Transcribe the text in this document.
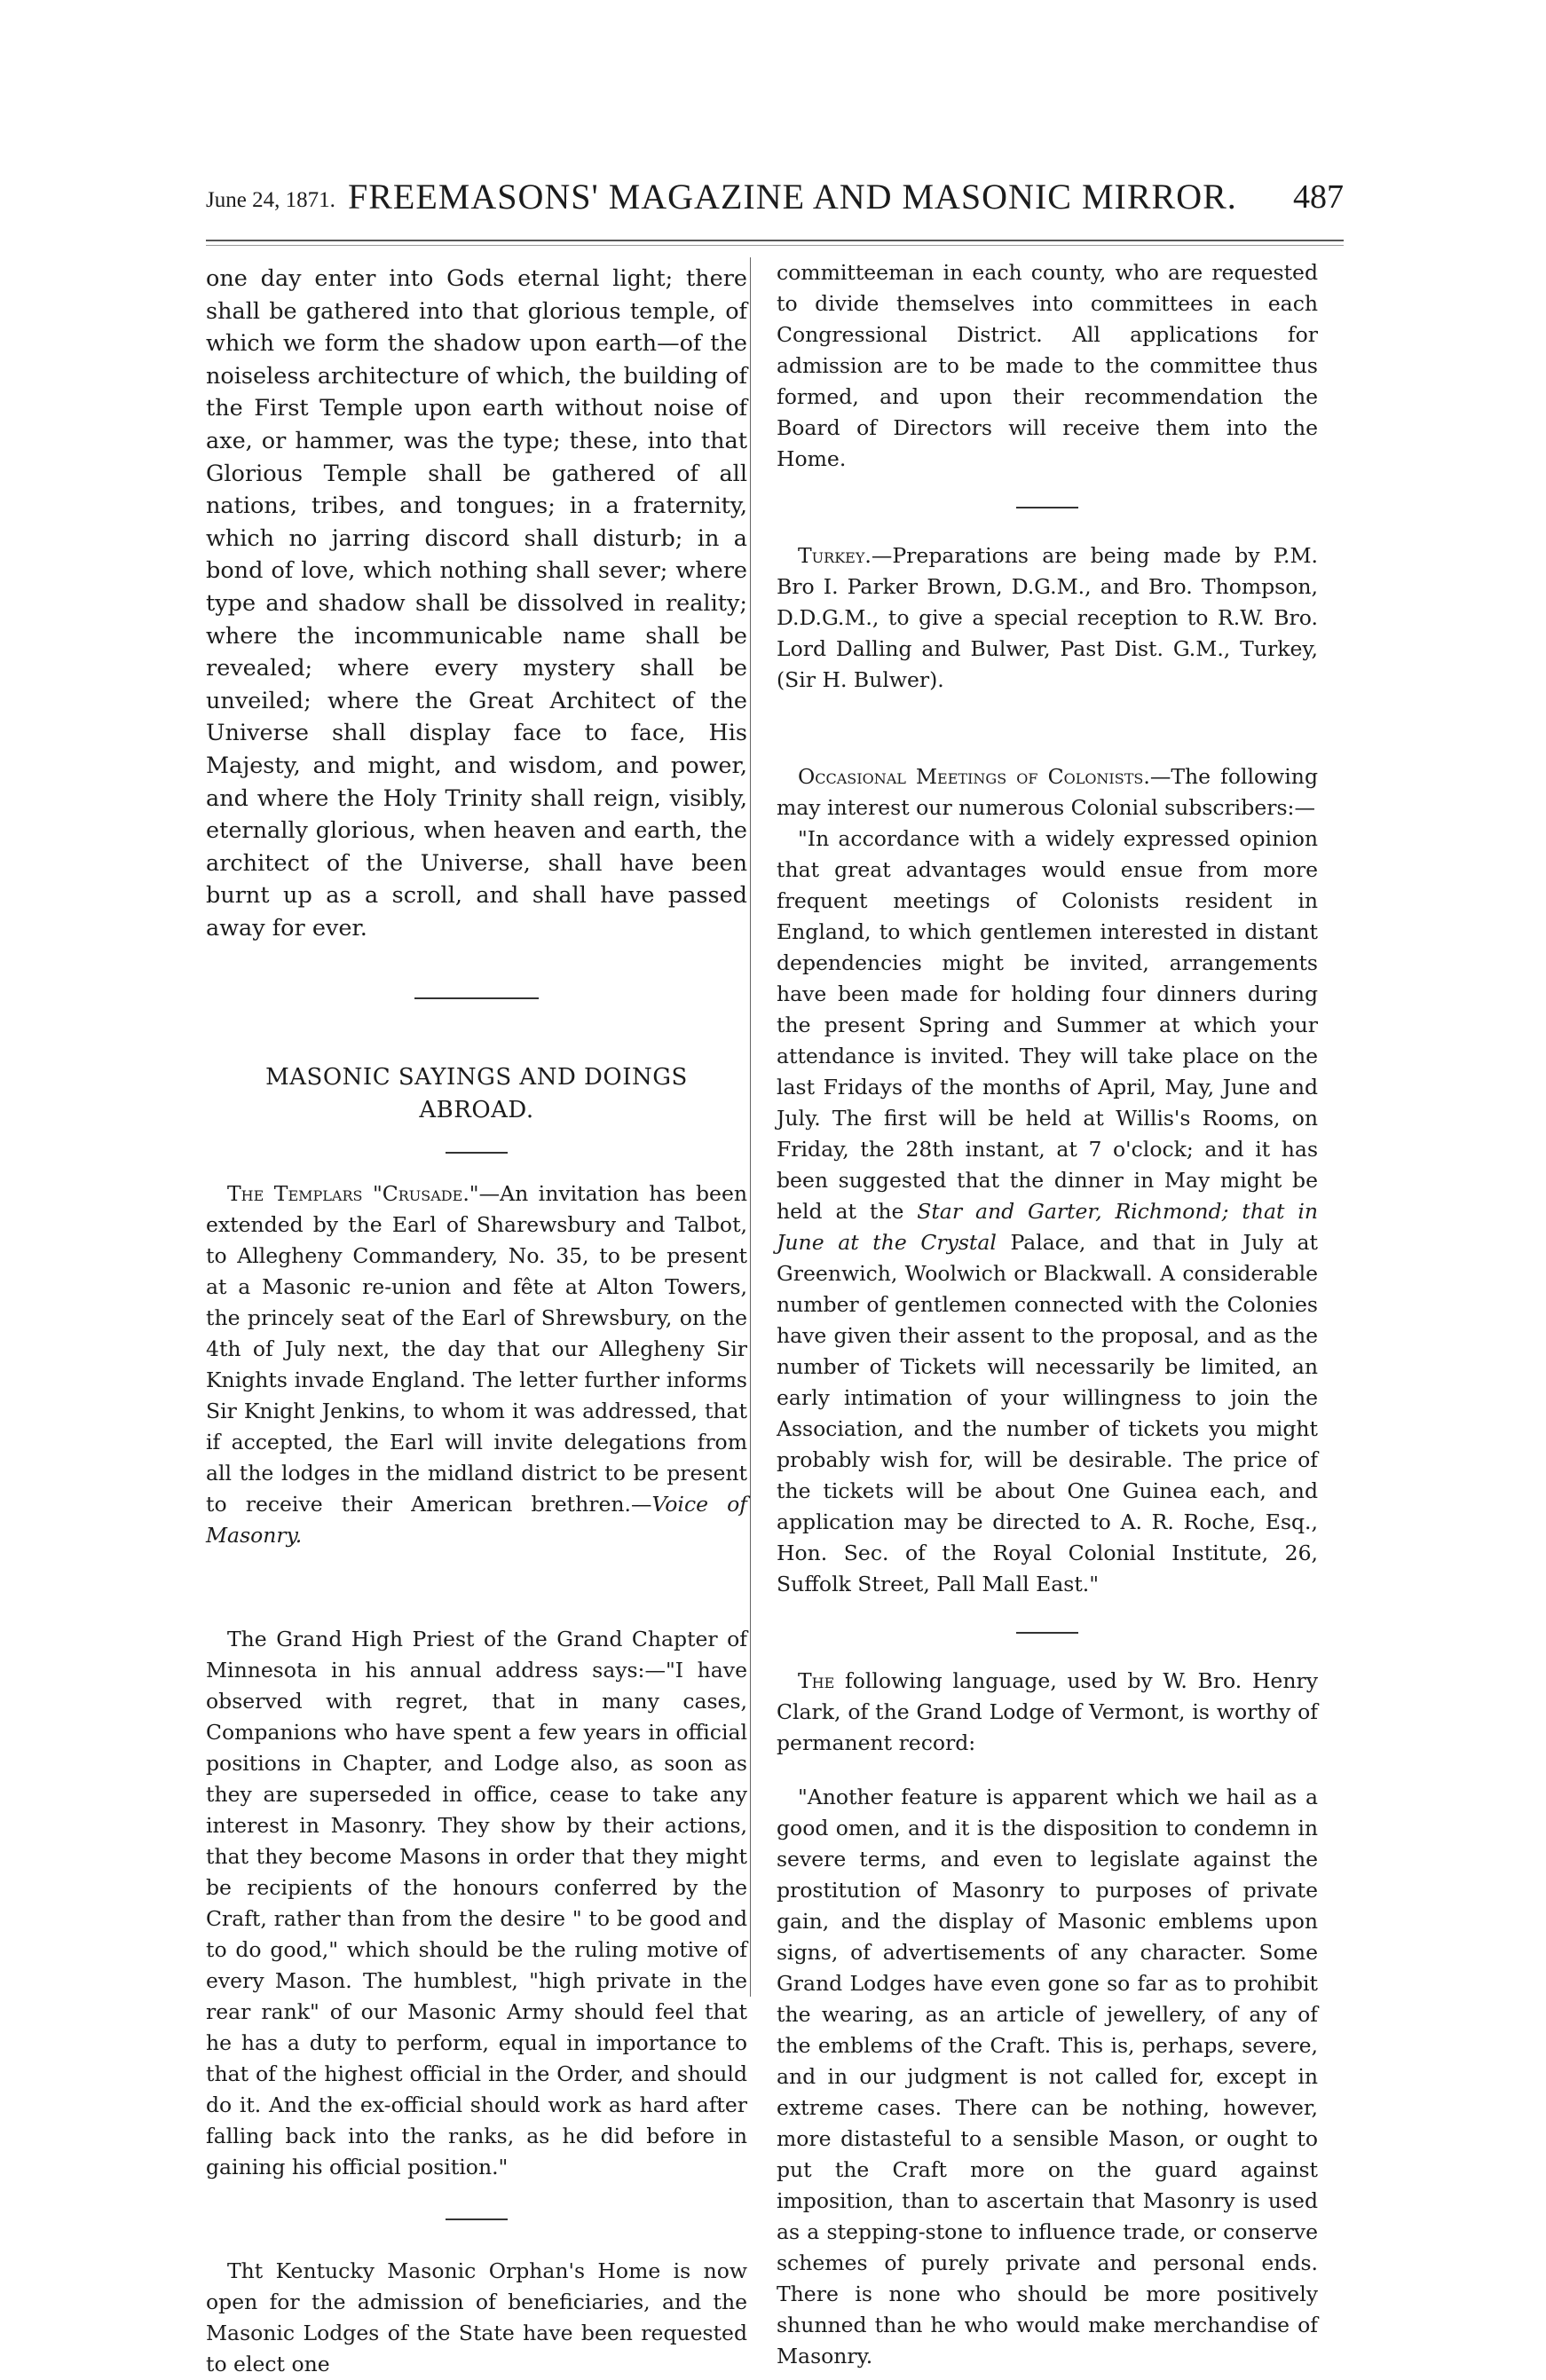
June 24, 1871. FREEMASONS' MAGAZINE AND MASONIC MIRROR. 487

one day enter into Gods eternal light; there shall be gathered into that glorious temple, of which we form the shadow upon earth—of the noiseless architecture of which, the building of the First Temple upon earth without noise of axe, or hammer, was the type; these, into that Glorious Temple shall be gathered of all nations, tribes, and tongues; in a fraternity, which no jarring discord shall disturb; in a bond of love, which nothing shall sever; where type and shadow shall be dissolved in reality; where the incommunicable name shall be revealed; where every mystery shall be unveiled; where the Great Architect of the Universe shall display face to face, His Majesty, and might, and wisdom, and power, and where the Holy Trinity shall reign, visibly, eternally glorious, when heaven and earth, the architect of the Universe, shall have been burnt up as a scroll, and shall have passed away for ever.

MASONIC SAYINGS AND DOINGS ABROAD.

The Templars "Crusade."—An invitation has been extended by the Earl of Sharewsbury and Talbot, to Allegheny Commandery, No. 35, to be present at a Masonic re-union and fête at Alton Towers, the princely seat of the Earl of Shrewsbury, on the 4th of July next, the day that our Allegheny Sir Knights invade England. The letter further informs Sir Knight Jenkins, to whom it was addressed, that if accepted, the Earl will invite delegations from all the lodges in the midland district to be present to receive their American brethren.—Voice of Masonry.

The Grand High Priest of the Grand Chapter of Minnesota in his annual address says:—"I have observed with regret, that in many cases, Companions who have spent a few years in official positions in Chapter, and Lodge also, as soon as they are superseded in office, cease to take any interest in Masonry. They show by their actions, that they become Masons in order that they might be recipients of the honours conferred by the Craft, rather than from the desire " to be good and to do good," which should be the ruling motive of every Mason. The humblest, "high private in the rear rank" of our Masonic Army should feel that he has a duty to perform, equal in importance to that of the highest official in the Order, and should do it. And the ex-official should work as hard after falling back into the ranks, as he did before in gaining his official position."

Tht Kentucky Masonic Orphan's Home is now open for the admission of beneficiaries, and the Masonic Lodges of the State have been requested to elect one

committeeman in each county, who are requested to divide themselves into committees in each Congressional District. All applications for admission are to be made to the committee thus formed, and upon their recommendation the Board of Directors will receive them into the Home.

Turkey.—Preparations are being made by P.M. Bro I. Parker Brown, D.G.M., and Bro. Thompson, D.D.G.M., to give a special reception to R.W. Bro. Lord Dalling and Bulwer, Past Dist. G.M., Turkey, (Sir H. Bulwer).

Occasional Meetings of Colonists.—The following may interest our numerous Colonial subscribers:—

"In accordance with a widely expressed opinion that great advantages would ensue from more frequent meetings of Colonists resident in England, to which gentlemen interested in distant dependencies might be invited, arrangements have been made for holding four dinners during the present Spring and Summer at which your attendance is invited. They will take place on the last Fridays of the months of April, May, June and July. The first will be held at Willis's Rooms, on Friday, the 28th instant, at 7 o'clock; and it has been suggested that the dinner in May might be held at the Star and Garter, Richmond; that in June at the Crystal Palace, and that in July at Greenwich, Woolwich or Blackwall. A considerable number of gentlemen connected with the Colonies have given their assent to the proposal, and as the number of Tickets will necessarily be limited, an early intimation of your willingness to join the Association, and the number of tickets you might probably wish for, will be desirable. The price of the tickets will be about One Guinea each, and application may be directed to A. R. Roche, Esq., Hon. Sec. of the Royal Colonial Institute, 26, Suffolk Street, Pall Mall East."

The following language, used by W. Bro. Henry Clark, of the Grand Lodge of Vermont, is worthy of permanent record:

"Another feature is apparent which we hail as a good omen, and it is the disposition to condemn in severe terms, and even to legislate against the prostitution of Masonry to purposes of private gain, and the display of Masonic emblems upon signs, of advertisements of any character. Some Grand Lodges have even gone so far as to prohibit the wearing, as an article of jewellery, of any of the emblems of the Craft. This is, perhaps, severe, and in our judgment is not called for, except in extreme cases. There can be nothing, however, more distasteful to a sensible Mason, or ought to put the Craft more on the guard against imposition, than to ascertain that Masonry is used as a stepping-stone to influence trade, or conserve schemes of purely private and personal ends. There is none who should be more positively shunned than he who would make merchandise of Masonry.
